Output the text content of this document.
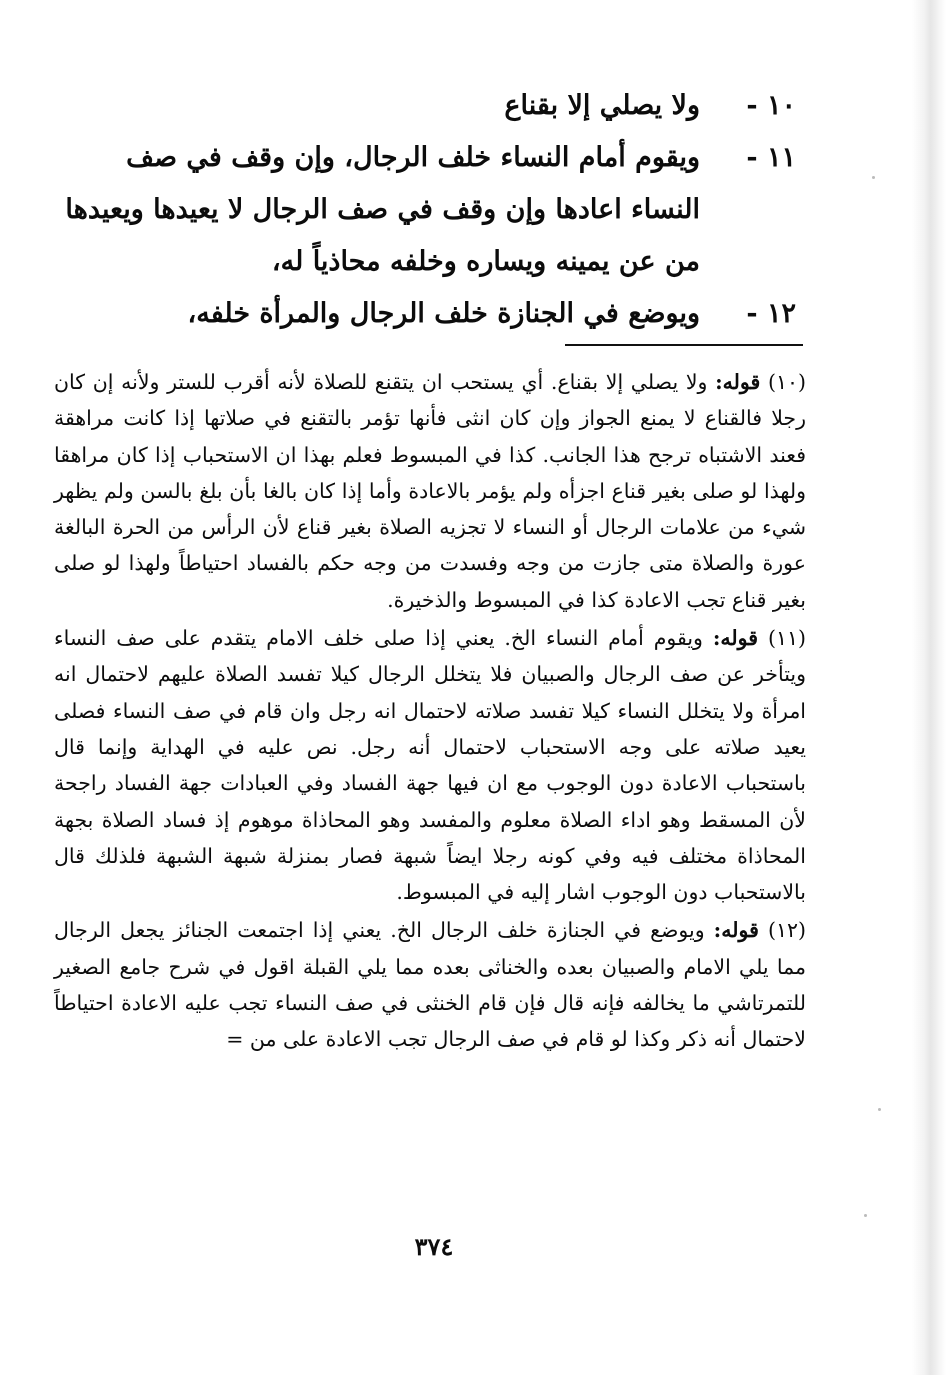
١٠ -
ولا يصلي إلا بقناع
١١ -
ويقوم أمام النساء خلف الرجال، وإن وقف في صف النساء اعادها وإن وقف في صف الرجال لا يعيدها ويعيدها من عن يمينه ويساره وخلفه محاذياً له،
١٢ -
ويوضع في الجنازة خلف الرجال والمرأة خلفه،

(١٠) قوله: ولا يصلي إلا بقناع. أي يستحب ان يتقنع للصلاة لأنه أقرب للستر ولأنه إن كان رجلا فالقناع لا يمنع الجواز وإن كان انثى فأنها تؤمر بالتقنع في صلاتها إذا كانت مراهقة فعند الاشتباه ترجح هذا الجانب. كذا في المبسوط فعلم بهذا ان الاستحباب إذا كان مراهقا ولهذا لو صلى بغير قناع اجزأه ولم يؤمر بالاعادة وأما إذا كان بالغا بأن بلغ بالسن ولم يظهر شيء من علامات الرجال أو النساء لا تجزيه الصلاة بغير قناع لأن الرأس من الحرة البالغة عورة والصلاة متى جازت من وجه وفسدت من وجه حكم بالفساد احتياطاً ولهذا لو صلى بغير قناع تجب الاعادة كذا في المبسوط والذخيرة.

(١١) قوله: ويقوم أمام النساء الخ. يعني إذا صلى خلف الامام يتقدم على صف النساء ويتأخر عن صف الرجال والصبيان فلا يتخلل الرجال كيلا تفسد الصلاة عليهم لاحتمال انه امرأة ولا يتخلل النساء كيلا تفسد صلاته لاحتمال انه رجل وان قام في صف النساء فصلى يعيد صلاته على وجه الاستحباب لاحتمال أنه رجل. نص عليه في الهداية وإنما قال باستحباب الاعادة دون الوجوب مع ان فيها جهة الفساد وفي العبادات جهة الفساد راجحة لأن المسقط وهو اداء الصلاة معلوم والمفسد وهو المحاذاة موهوم إذ فساد الصلاة بجهة المحاذاة مختلف فيه وفي كونه رجلا ايضاً شبهة فصار بمنزلة شبهة الشبهة فلذلك قال بالاستحباب دون الوجوب اشار إليه في المبسوط.

(١٢) قوله: ويوضع في الجنازة خلف الرجال الخ. يعني إذا اجتمعت الجنائز يجعل الرجال مما يلي الامام والصبيان بعده والخناثى بعده مما يلي القبلة اقول في شرح جامع الصغير للتمرتاشي ما يخالفه فإنه قال فإن قام الخنثى في صف النساء تجب عليه الاعادة احتياطاً لاحتمال أنه ذكر وكذا لو قام في صف الرجال تجب الاعادة على من =

٣٧٤
